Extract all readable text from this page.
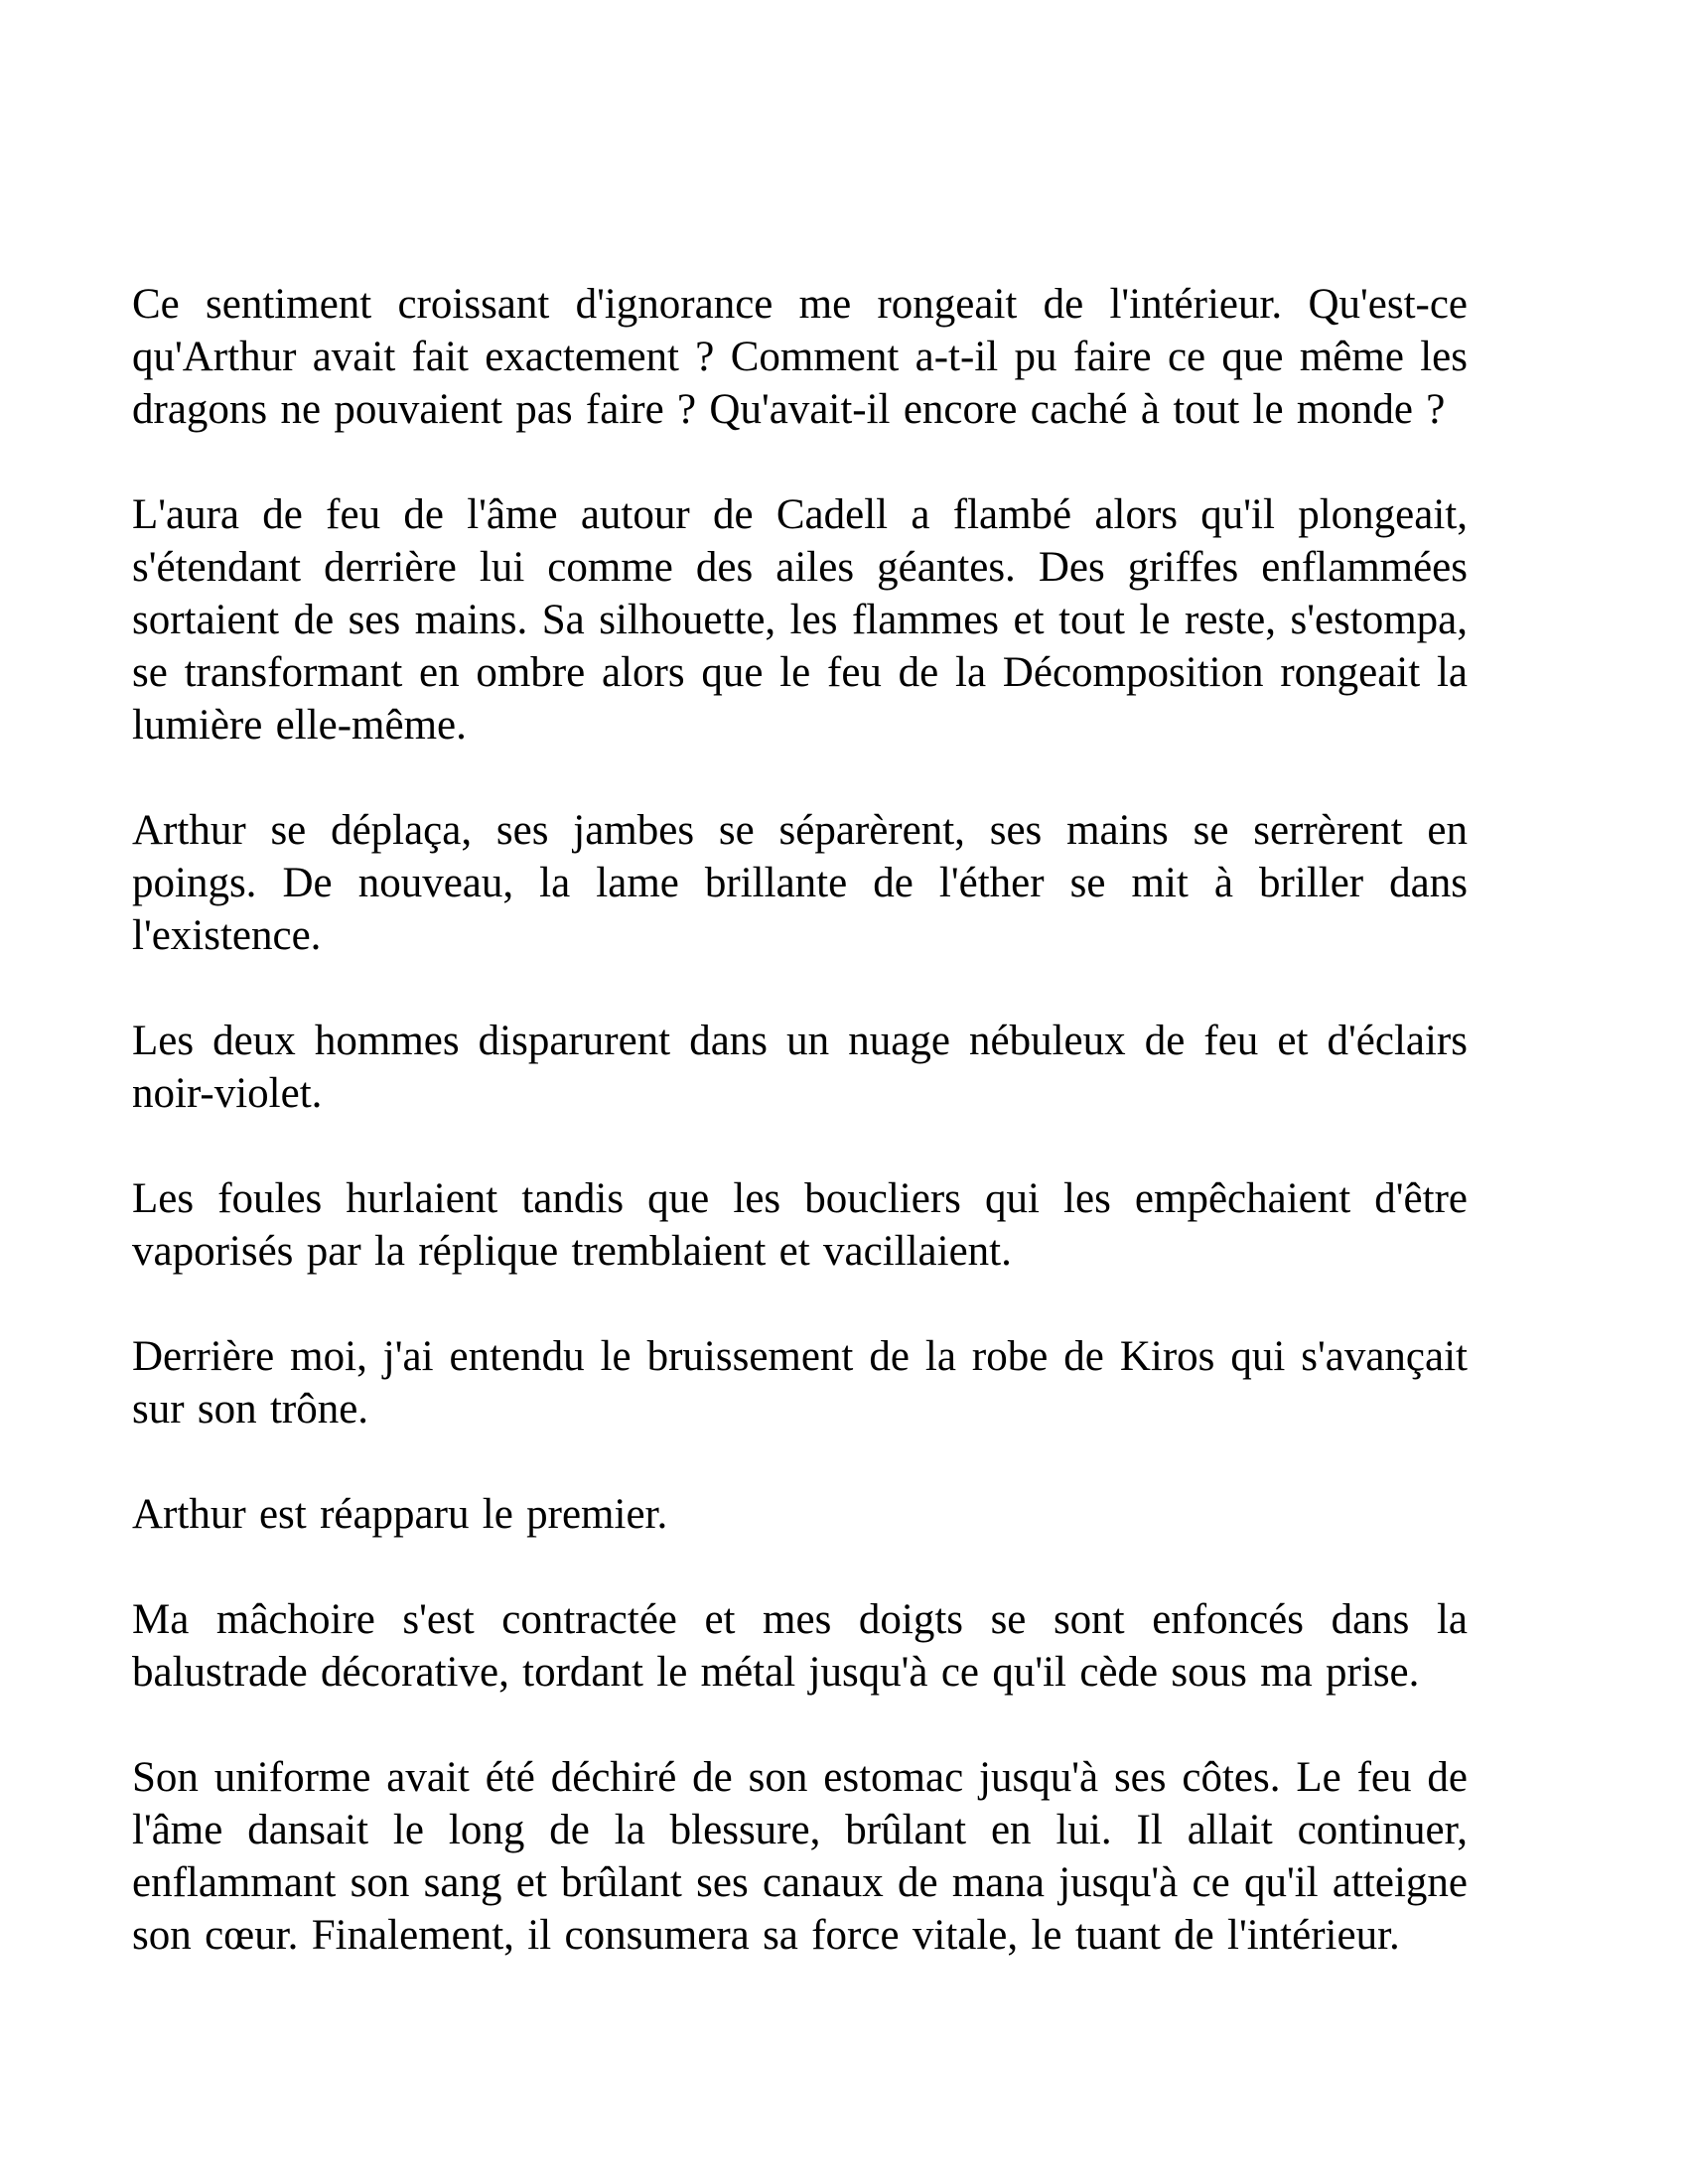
Ce sentiment croissant d'ignorance me rongeait de l'intérieur. Qu'est-ce qu'Arthur avait fait exactement ? Comment a-t-il pu faire ce que même les dragons ne pouvaient pas faire ? Qu'avait-il encore caché à tout le monde ?

L'aura de feu de l'âme autour de Cadell a flambé alors qu'il plongeait, s'étendant derrière lui comme des ailes géantes. Des griffes enflammées sortaient de ses mains. Sa silhouette, les flammes et tout le reste, s'estompa, se transformant en ombre alors que le feu de la Décomposition rongeait la lumière elle-même.

Arthur se déplaça, ses jambes se séparèrent, ses mains se serrèrent en poings. De nouveau, la lame brillante de l'éther se mit à briller dans l'existence.

Les deux hommes disparurent dans un nuage nébuleux de feu et d'éclairs noir-violet.

Les foules hurlaient tandis que les boucliers qui les empêchaient d'être vaporisés par la réplique tremblaient et vacillaient.

Derrière moi, j'ai entendu le bruissement de la robe de Kiros qui s'avançait sur son trône.

Arthur est réapparu le premier.

Ma mâchoire s'est contractée et mes doigts se sont enfoncés dans la balustrade décorative, tordant le métal jusqu'à ce qu'il cède sous ma prise.

Son uniforme avait été déchiré de son estomac jusqu'à ses côtes. Le feu de l'âme dansait le long de la blessure, brûlant en lui. Il allait continuer, enflammant son sang et brûlant ses canaux de mana jusqu'à ce qu'il atteigne son cœur. Finalement, il consumera sa force vitale, le tuant de l'intérieur.
